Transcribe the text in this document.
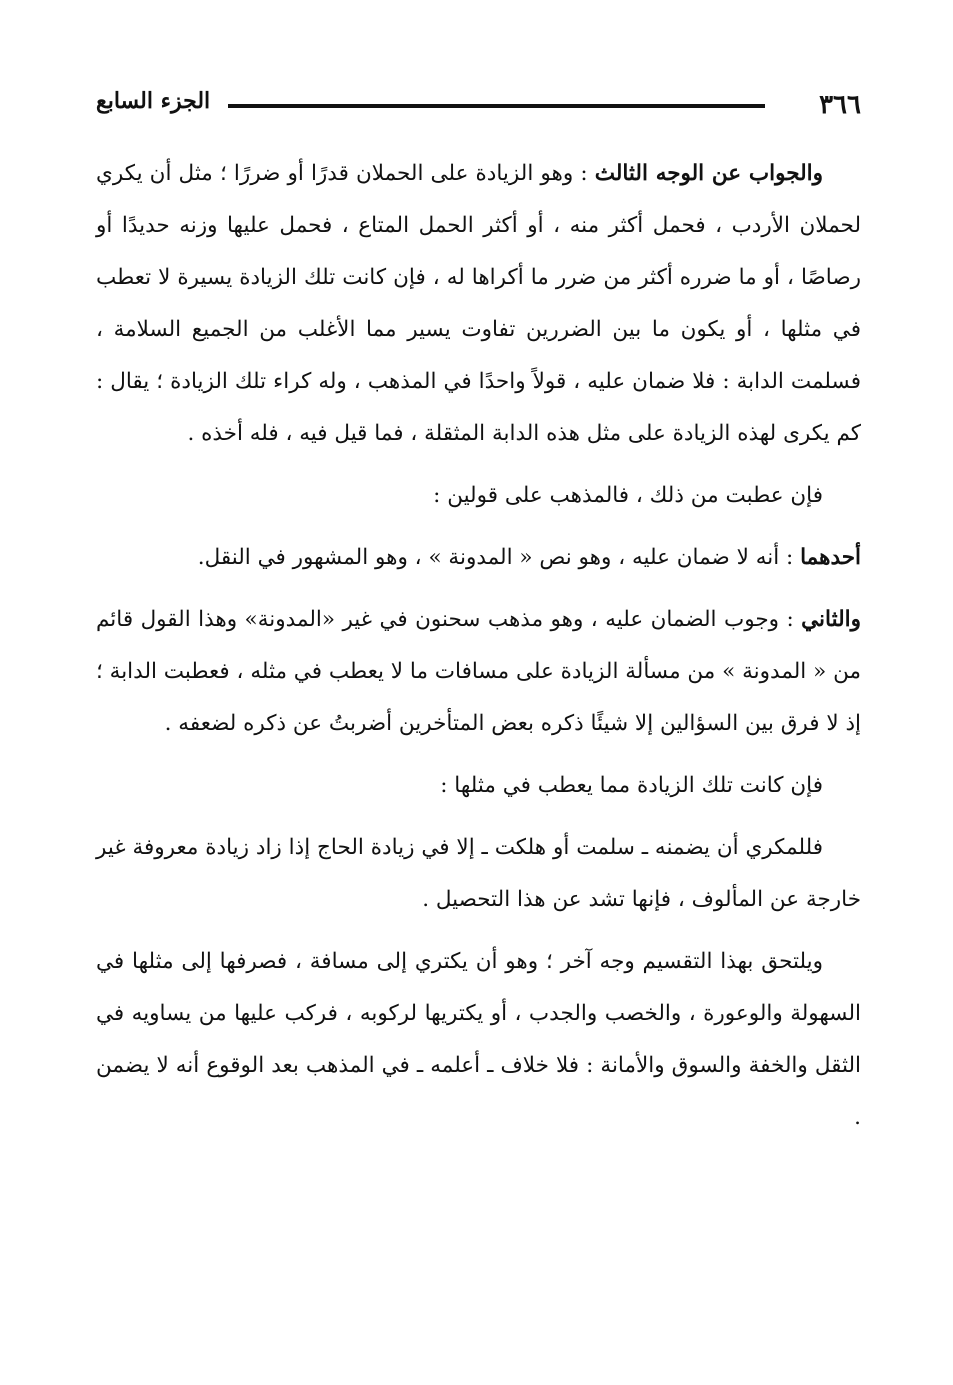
٣٦٦
الجزء السابع

والجواب عن الوجه الثالث : وهو الزيادة على الحملان قدرًا أو ضررًا ؛ مثل أن يكري لحملان الأردب ، فحمل أكثر منه ، أو أكثر الحمل المتاع ، فحمل عليها وزنه حديدًا أو رصاصًا ، أو ما ضرره أكثر من ضرر ما أكراها له ، فإن كانت تلك الزيادة يسيرة لا تعطب في مثلها ، أو يكون ما بين الضررين تفاوت يسير مما الأغلب من الجميع السلامة ، فسلمت الدابة : فلا ضمان عليه ، قولاً واحدًا في المذهب ، وله كراء تلك الزيادة ؛ يقال : كم يكرى لهذه الزيادة على مثل هذه الدابة المثقلة ، فما قيل فيه ، فله أخذه .

فإن عطبت من ذلك ، فالمذهب على قولين :

أحدهما : أنه لا ضمان عليه ، وهو نص « المدونة » ، وهو المشهور في النقل.

والثاني : وجوب الضمان عليه ، وهو مذهب سحنون في غير «المدونة» وهذا القول قائم من « المدونة » من مسألة الزيادة على مسافات ما لا يعطب في مثله ، فعطبت الدابة ؛ إذ لا فرق بين السؤالين إلا شيئًا ذكره بعض المتأخرين أضربتُ عن ذكره لضعفه .

فإن كانت تلك الزيادة مما يعطب في مثلها :

فللمكري أن يضمنه ـ سلمت أو هلكت ـ إلا في زيادة الحاج إذا زاد زيادة معروفة غير خارجة عن المألوف ، فإنها تشد عن هذا التحصيل .

ويلتحق بهذا التقسيم وجه آخر ؛ وهو أن يكتري إلى مسافة ، فصرفها إلى مثلها في السهولة والوعورة ، والخصب والجدب ، أو يكتريها لركوبه ، فركب عليها من يساويه في الثقل والخفة والسوق والأمانة : فلا خلاف ـ أعلمه ـ في المذهب بعد الوقوع أنه لا يضمن .
